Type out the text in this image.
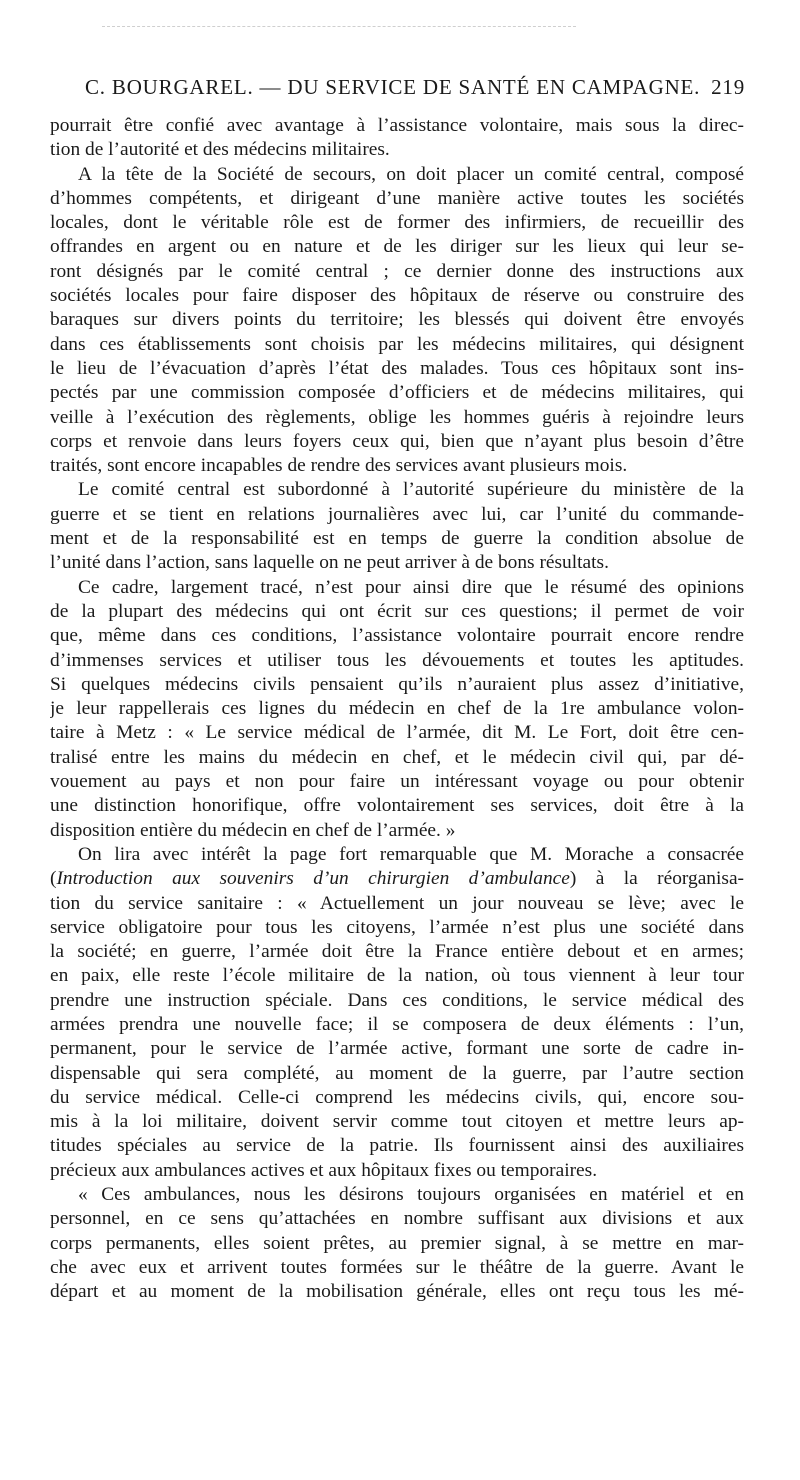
C. BOURGAREL. — DU SERVICE DE SANTÉ EN CAMPAGNE. 219
pourrait être confié avec avantage à l’assistance volontaire, mais sous la direc-
tion de l’autorité et des médecins militaires.
A la tête de la Société de secours, on doit placer un comité central, composé
d’hommes compétents, et dirigeant d’une manière active toutes les sociétés
locales, dont le véritable rôle est de former des infirmiers, de recueillir des
offrandes en argent ou en nature et de les diriger sur les lieux qui leur se-
ront désignés par le comité central ; ce dernier donne des instructions aux
sociétés locales pour faire disposer des hôpitaux de réserve ou construire des
baraques sur divers points du territoire; les blessés qui doivent être envoyés
dans ces établissements sont choisis par les médecins militaires, qui désignent
le lieu de l’évacuation d’après l’état des malades. Tous ces hôpitaux sont ins-
pectés par une commission composée d’officiers et de médecins militaires, qui
veille à l’exécution des règlements, oblige les hommes guéris à rejoindre leurs
corps et renvoie dans leurs foyers ceux qui, bien que n’ayant plus besoin d’être
traités, sont encore incapables de rendre des services avant plusieurs mois.
Le comité central est subordonné à l’autorité supérieure du ministère de la
guerre et se tient en relations journalières avec lui, car l’unité du commande-
ment et de la responsabilité est en temps de guerre la condition absolue de
l’unité dans l’action, sans laquelle on ne peut arriver à de bons résultats.
Ce cadre, largement tracé, n’est pour ainsi dire que le résumé des opinions
de la plupart des médecins qui ont écrit sur ces questions; il permet de voir
que, même dans ces conditions, l’assistance volontaire pourrait encore rendre
d’immenses services et utiliser tous les dévouements et toutes les aptitudes.
Si quelques médecins civils pensaient qu’ils n’auraient plus assez d’initiative,
je leur rappellerais ces lignes du médecin en chef de la 1re ambulance volon-
taire à Metz : « Le service médical de l’armée, dit M. Le Fort, doit être cen-
tralisé entre les mains du médecin en chef, et le médecin civil qui, par dé-
vouement au pays et non pour faire un intéressant voyage ou pour obtenir
une distinction honorifique, offre volontairement ses services, doit être à la
disposition entière du médecin en chef de l’armée. »
On lira avec intérêt la page fort remarquable que M. Morache a consacrée
(Introduction aux souvenirs d’un chirurgien d’ambulance) à la réorganisa-
tion du service sanitaire : « Actuellement un jour nouveau se lève; avec le
service obligatoire pour tous les citoyens, l’armée n’est plus une société dans
la société; en guerre, l’armée doit être la France entière debout et en armes;
en paix, elle reste l’école militaire de la nation, où tous viennent à leur tour
prendre une instruction spéciale. Dans ces conditions, le service médical des
armées prendra une nouvelle face; il se composera de deux éléments : l’un,
permanent, pour le service de l’armée active, formant une sorte de cadre in-
dispensable qui sera complété, au moment de la guerre, par l’autre section
du service médical. Celle-ci comprend les médecins civils, qui, encore sou-
mis à la loi militaire, doivent servir comme tout citoyen et mettre leurs ap-
titudes spéciales au service de la patrie. Ils fournissent ainsi des auxiliaires
précieux aux ambulances actives et aux hôpitaux fixes ou temporaires.
« Ces ambulances, nous les désirons toujours organisées en matériel et en
personnel, en ce sens qu’attachées en nombre suffisant aux divisions et aux
corps permanents, elles soient prêtes, au premier signal, à se mettre en mar-
che avec eux et arrivent toutes formées sur le théâtre de la guerre. Avant le
départ et au moment de la mobilisation générale, elles ont reçu tous les mé-
